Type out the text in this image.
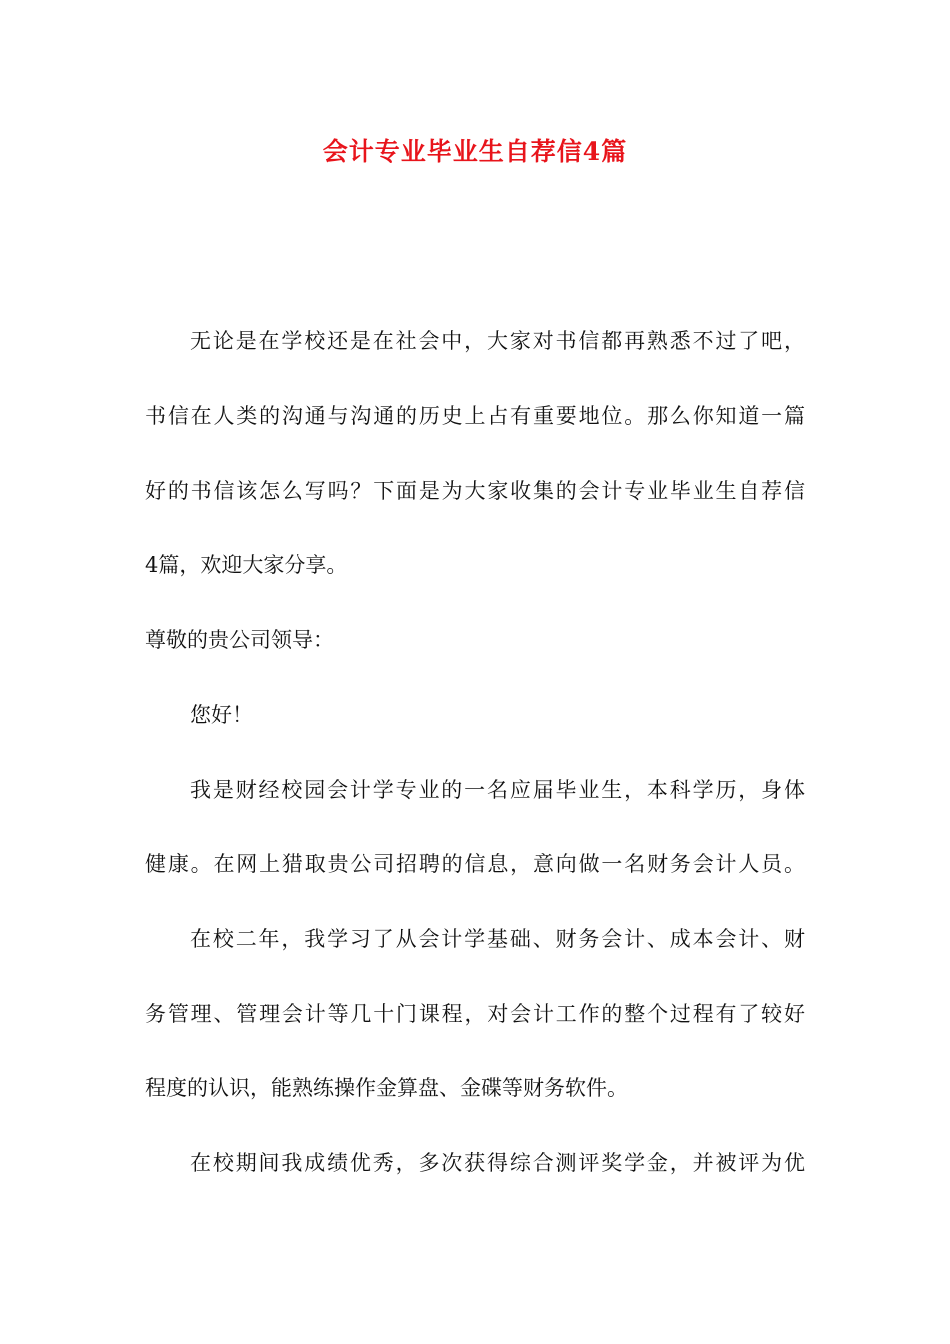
会计专业毕业生自荐信4篇

无论是在学校还是在社会中，大家对书信都再熟悉不过了吧，

书信在人类的沟通与沟通的历史上占有重要地位。那么你知道一篇

好的书信该怎么写吗？下面是为大家收集的会计专业毕业生自荐信

4篇，欢迎大家分享。

尊敬的贵公司领导：

您好！

我是财经校园会计学专业的一名应届毕业生，本科学历，身体

健康。在网上猎取贵公司招聘的信息，意向做一名财务会计人员。

在校二年，我学习了从会计学基础、财务会计、成本会计、财

务管理、管理会计等几十门课程，对会计工作的整个过程有了较好

程度的认识，能熟练操作金算盘、金碟等财务软件。

在校期间我成绩优秀，多次获得综合测评奖学金，并被评为优
